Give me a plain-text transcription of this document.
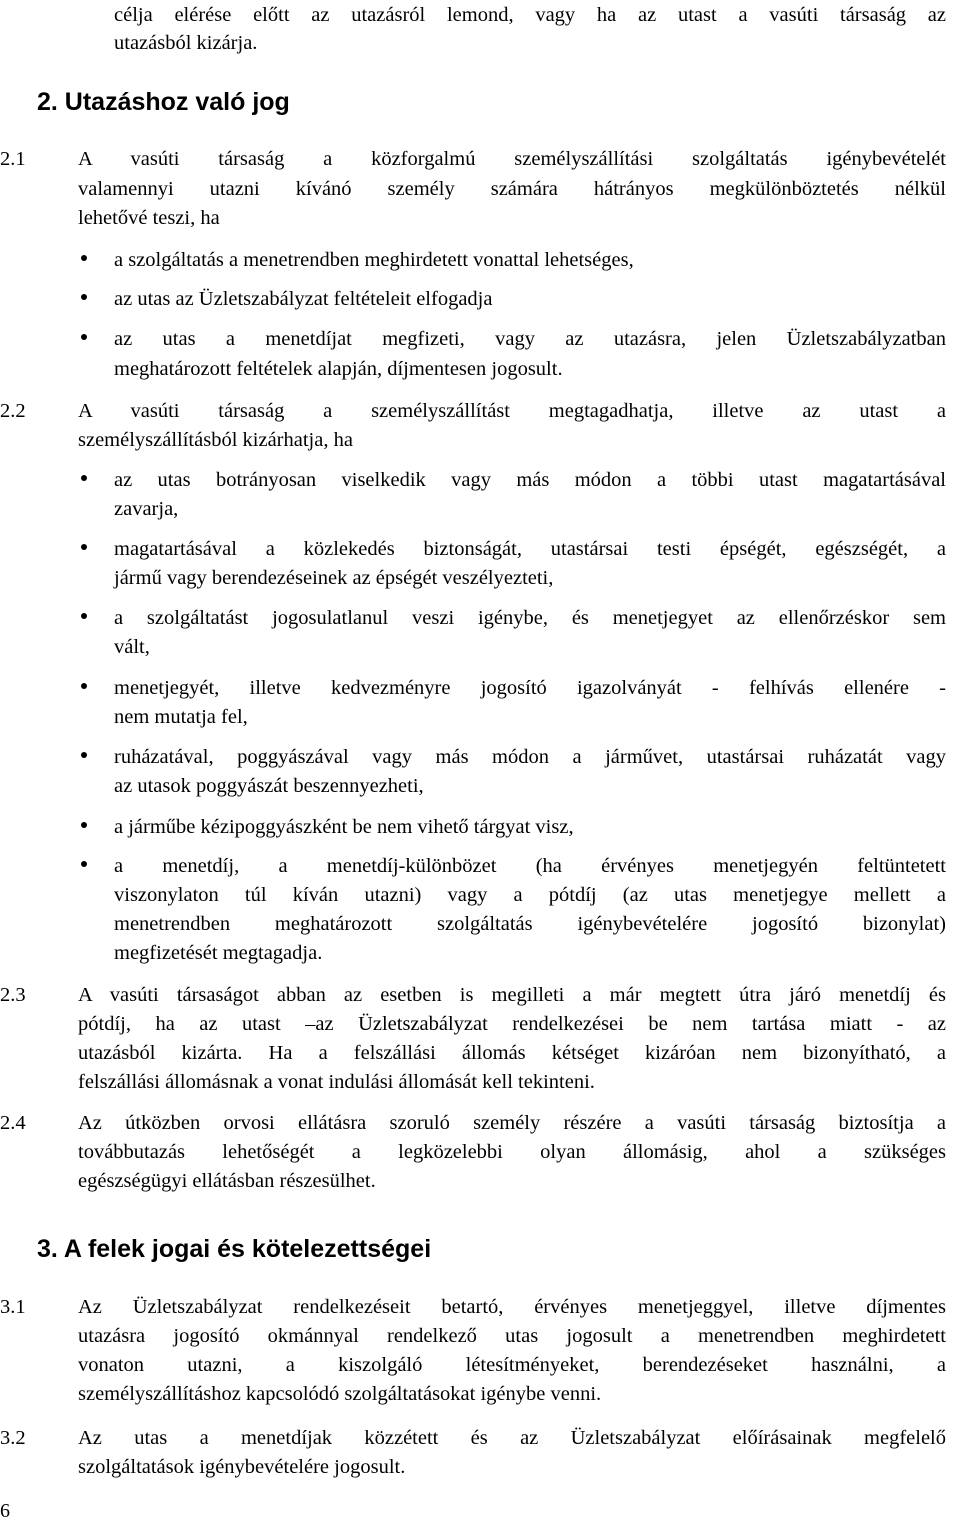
célja elérése előtt az utazásról lemond, vagy ha az utast a vasúti társaság az
utazásból kizárja.
2. Utazáshoz való jog
2.1	A vasúti társaság a közforgalmú személyszállítási szolgáltatás igénybevételét
valamennyi utazni kívánó személy számára hátrányos megkülönböztetés nélkül
lehetővé teszi, ha
a szolgáltatás a menetrendben meghirdetett vonattal lehetséges,
az utas az Üzletszabályzat feltételeit elfogadja
az utas a menetdíjat megfizeti, vagy az utazásra, jelen Üzletszabályzatban
meghatározott feltételek alapján, díjmentesen jogosult.
2.2	A vasúti társaság a személyszállítást megtagadhatja, illetve az utast a
személyszállításból kizárhatja, ha
az utas botrányosan viselkedik vagy más módon a többi utast magatartásával
zavarja,
magatartásával a közlekedés biztonságát, utastársai testi épségét, egészségét, a
jármű vagy berendezéseinek az épségét veszélyezteti,
a szolgáltatást jogosulatlanul veszi igénybe, és menetjegyet az ellenőrzéskor sem
vált,
menetjegyét, illetve kedvezményre jogosító igazolványát - felhívás ellenére -
nem mutatja fel,
ruházatával, poggyászával vagy más módon a járművet, utastársai ruházatát vagy
az utasok poggyászát beszennyezheti,
a járműbe kézipoggyászként be nem vihető tárgyat visz,
a menetdíj, a menetdíj-különbözet (ha érvényes menetjegyén feltüntetett
viszonylaton túl kíván utazni) vagy a pótdíj (az utas menetjegye mellett a
menetrendben meghatározott szolgáltatás igénybevételére jogosító bizonylat)
megfizetését megtagadja.
2.3	A vasúti társaságot abban az esetben is megilleti a már megtett útra járó menetdíj és
pótdíj, ha az utast –az Üzletszabályzat rendelkezései be nem tartása miatt - az
utazásból kizárta. Ha a felszállási állomás kétséget kizáróan nem bizonyítható, a
felszállási állomásnak a vonat indulási állomását kell tekinteni.
2.4	Az útközben orvosi ellátásra szoruló személy részére a vasúti társaság biztosítja a
továbbutazás lehetőségét a legközelebbi olyan állomásig, ahol a szükséges
egészségügyi ellátásban részesülhet.
3. A felek jogai és kötelezettségei
3.1	Az Üzletszabályzat rendelkezéseit betartó, érvényes menetjeggyel, illetve díjmentes
utazásra jogosító okmánnyal rendelkező utas jogosult a menetrendben meghirdetett
vonaton utazni, a kiszolgáló létesítményeket, berendezéseket használni, a
személyszállításhoz kapcsolódó szolgáltatásokat igénybe venni.
3.2	Az utas a menetdíjak közzétett és az Üzletszabályzat előírásainak megfelelő
szolgáltatások igénybevételére jogosult.
6
